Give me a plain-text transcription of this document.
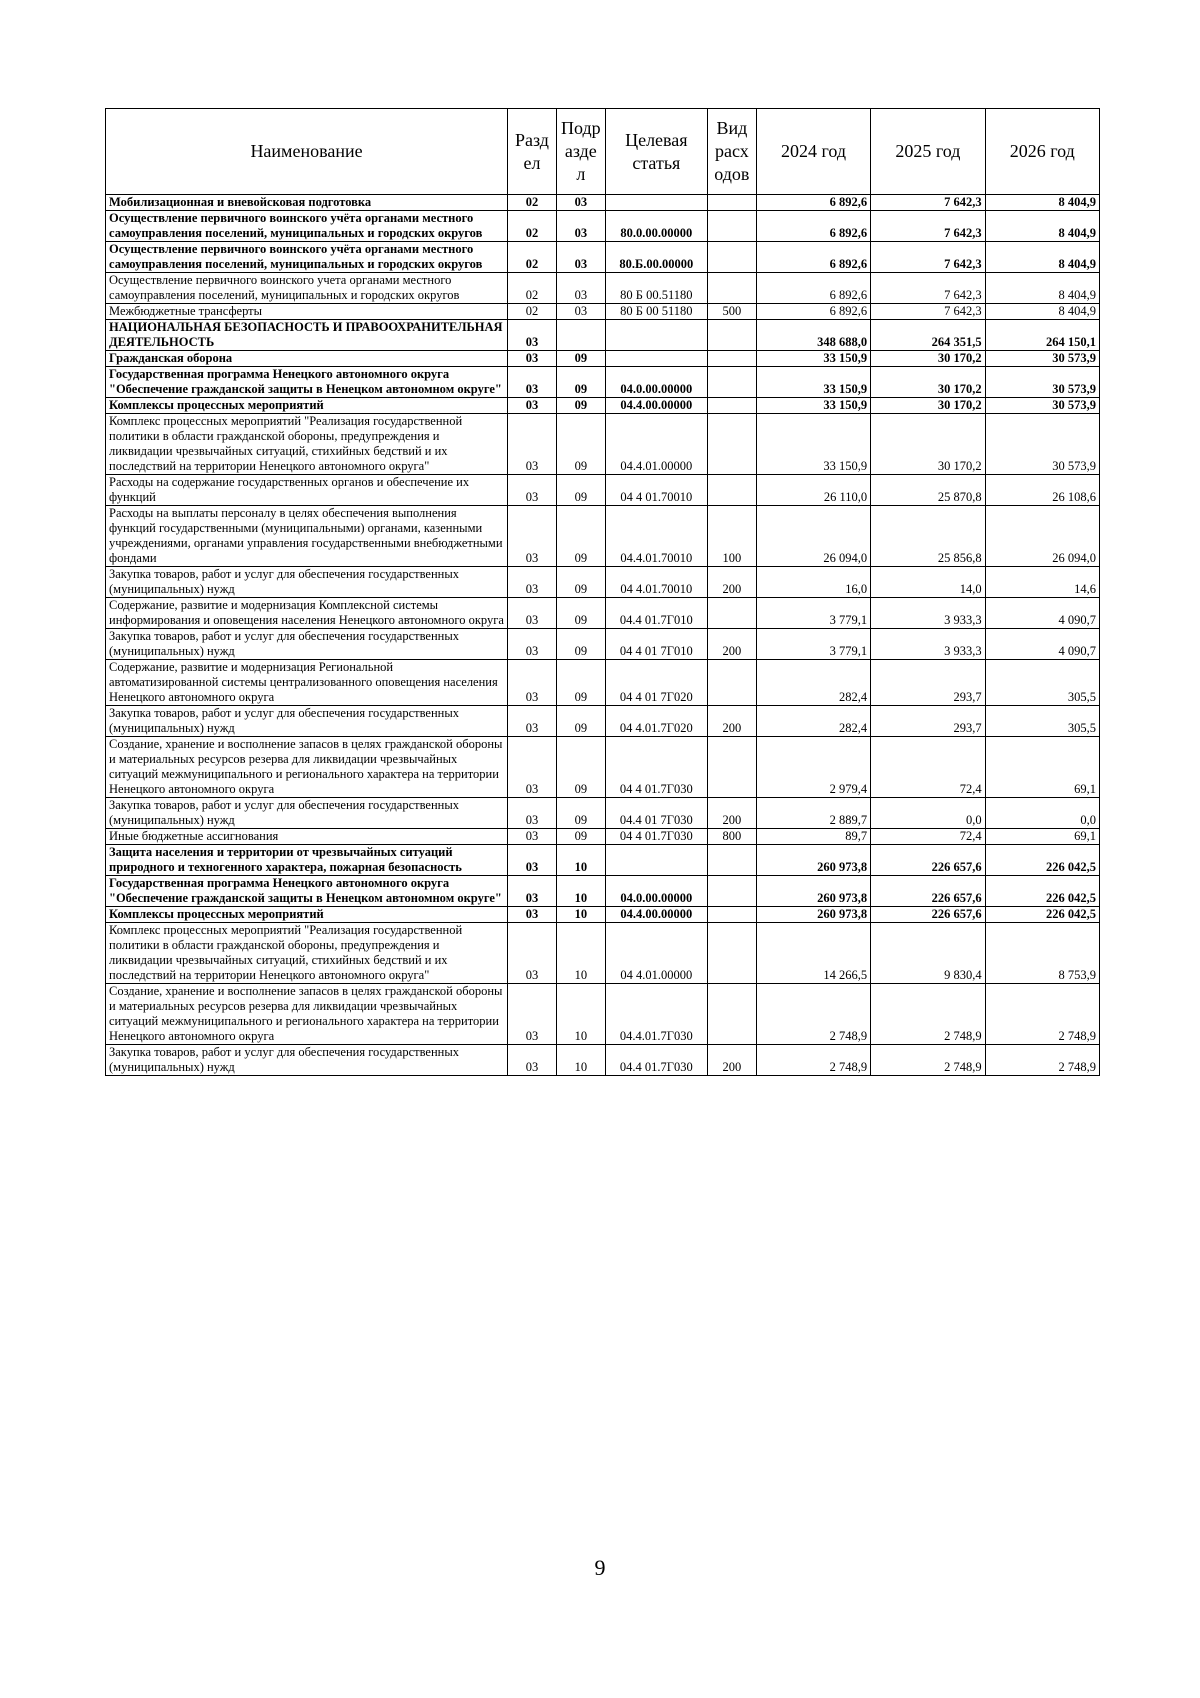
Наименование	Разд ел	Подр азде л	Целевая статья	Вид расх одов	2024 год	2025 год	2026 год
Мобилизационная и вневойсковая подготовка	02	03			6 892,6	7 642,3	8 404,9
Осуществление первичного воинского учёта органами местного самоуправления поселений, муниципальных и городских округов	02	03	80.0.00.00000		6 892,6	7 642,3	8 404,9
Осуществление первичного воинского учёта органами местного самоуправления поселений, муниципальных и городских округов	02	03	80.Б.00.00000		6 892,6	7 642,3	8 404,9
Осуществление первичного воинского учета органами местного самоуправления поселений, муниципальных и городских округов	02	03	80 Б 00.51180		6 892,6	7 642,3	8 404,9
Межбюджетные трансферты	02	03	80 Б 00 51180	500	6 892,6	7 642,3	8 404,9
НАЦИОНАЛЬНАЯ БЕЗОПАСНОСТЬ И ПРАВООХРАНИТЕЛЬНАЯ ДЕЯТЕЛЬНОСТЬ	03				348 688,0	264 351,5	264 150,1
Гражданская оборона	03	09			33 150,9	30 170,2	30 573,9
Государственная программа Ненецкого автономного округа "Обеспечение гражданской защиты в Ненецком автономном округе"	03	09	04.0.00.00000		33 150,9	30 170,2	30 573,9
Комплексы процессных мероприятий	03	09	04.4.00.00000		33 150,9	30 170,2	30 573,9
Комплекс процессных мероприятий "Реализация государственной политики в области гражданской обороны, предупреждения и ликвидации чрезвычайных ситуаций, стихийных бедствий и их последствий на территории Ненецкого автономного округа"	03	09	04.4.01.00000		33 150,9	30 170,2	30 573,9
Расходы на содержание государственных органов и обеспечение их функций	03	09	04 4 01.70010		26 110,0	25 870,8	26 108,6
Расходы на выплаты персоналу в целях обеспечения выполнения функций государственными (муниципальными) органами, казенными учреждениями, органами управления государственными внебюджетными фондами	03	09	04.4.01.70010	100	26 094,0	25 856,8	26 094,0
Закупка товаров, работ и услуг для обеспечения государственных (муниципальных) нужд	03	09	04 4.01.70010	200	16,0	14,0	14,6
Содержание, развитие и модернизация Комплексной системы информирования и оповещения населения Ненецкого автономного округа	03	09	04.4 01.7Г010		3 779,1	3 933,3	4 090,7
Закупка товаров, работ и услуг для обеспечения государственных (муниципальных) нужд	03	09	04 4 01 7Г010	200	3 779,1	3 933,3	4 090,7
Содержание, развитие и модернизация Региональной автоматизированной системы централизованного оповещения населения Ненецкого автономного округа	03	09	04 4 01 7Г020		282,4	293,7	305,5
Закупка товаров, работ и услуг для обеспечения государственных (муниципальных) нужд	03	09	04 4.01.7Г020	200	282,4	293,7	305,5
Создание, хранение и восполнение запасов в целях гражданской обороны и материальных ресурсов резерва для ликвидации чрезвычайных ситуаций межмуниципального и регионального характера на территории Ненецкого автономного округа	03	09	04 4 01.7Г030		2 979,4	72,4	69,1
Закупка товаров, работ и услуг для обеспечения государственных (муниципальных) нужд	03	09	04.4 01 7Г030	200	2 889,7	0,0	0,0
Иные бюджетные ассигнования	03	09	04 4 01.7Г030	800	89,7	72,4	69,1
Защита населения и территории от чрезвычайных ситуаций природного и техногенного характера, пожарная безопасность	03	10			260 973,8	226 657,6	226 042,5
Государственная программа Ненецкого автономного округа "Обеспечение гражданской защиты в Ненецком автономном округе"	03	10	04.0.00.00000		260 973,8	226 657,6	226 042,5
Комплексы процессных мероприятий	03	10	04.4.00.00000		260 973,8	226 657,6	226 042,5
Комплекс процессных мероприятий "Реализация государственной политики в области гражданской обороны, предупреждения и ликвидации чрезвычайных ситуаций, стихийных бедствий и их последствий на территории Ненецкого автономного округа"	03	10	04 4.01.00000		14 266,5	9 830,4	8 753,9
Создание, хранение и восполнение запасов в целях гражданской обороны и материальных ресурсов резерва для ликвидации чрезвычайных ситуаций межмуниципального и регионального характера на территории Ненецкого автономного округа	03	10	04.4.01.7Г030		2 748,9	2 748,9	2 748,9
Закупка товаров, работ и услуг для обеспечения государственных (муниципальных) нужд	03	10	04.4 01.7Г030	200	2 748,9	2 748,9	2 748,9
9
